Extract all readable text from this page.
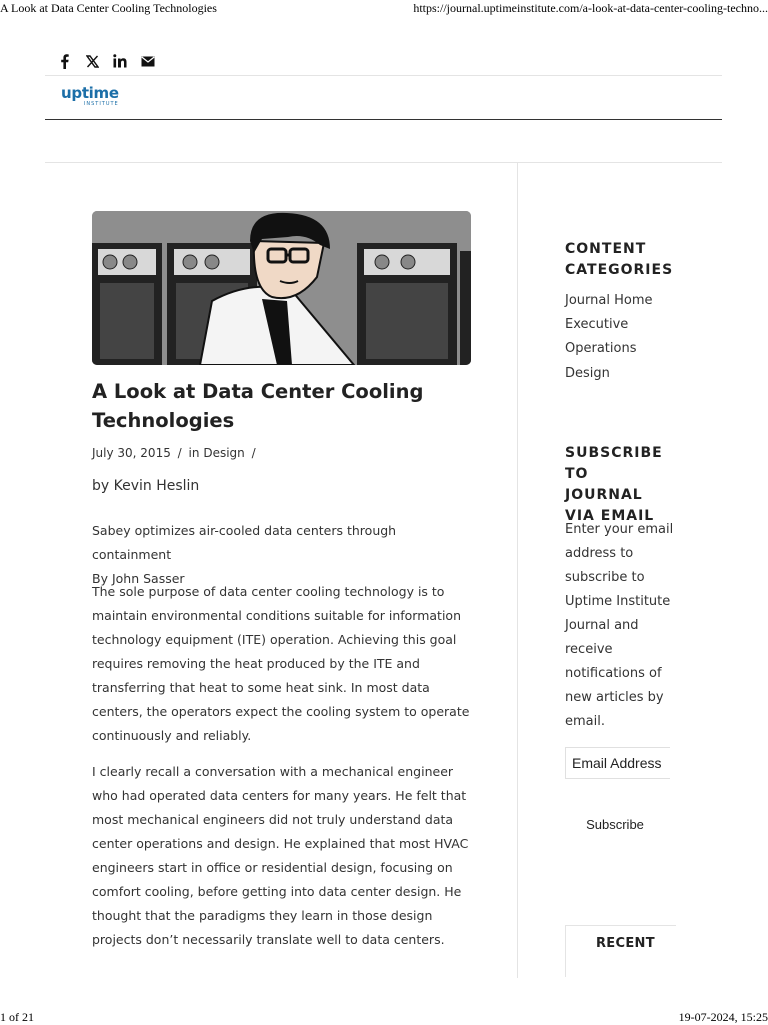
A Look at Data Center Cooling Technologies	https://journal.uptimeinstitute.com/a-look-at-data-center-cooling-techno...
uptime
INSTITUTE
A Look at Data Center Cooling Technologies
July 30, 2015 / in Design /
by Kevin Heslin

Sabey optimizes air-cooled data centers through containment
By John Sasser

The sole purpose of data center cooling technology is to maintain environmental conditions suitable for information technology equipment (ITE) operation. Achieving this goal requires removing the heat produced by the ITE and transferring that heat to some heat sink. In most data centers, the operators expect the cooling system to operate continuously and reliably.

I clearly recall a conversation with a mechanical engineer who had operated data centers for many years. He felt that most mechanical engineers did not truly understand data center operations and design. He explained that most HVAC engineers start in office or residential design, focusing on comfort cooling, before getting into data center design. He thought that the paradigms they learn in those design projects don’t necessarily translate well to data centers.

CONTENT CATEGORIES
Journal Home
Executive
Operations
Design
SUBSCRIBE TO JOURNAL VIA EMAIL

Enter your email address to subscribe to Uptime Institute Journal and receive notifications of new articles by email.

Email Address
Subscribe
RECENT
1 of 21	19-07-2024, 15:25
